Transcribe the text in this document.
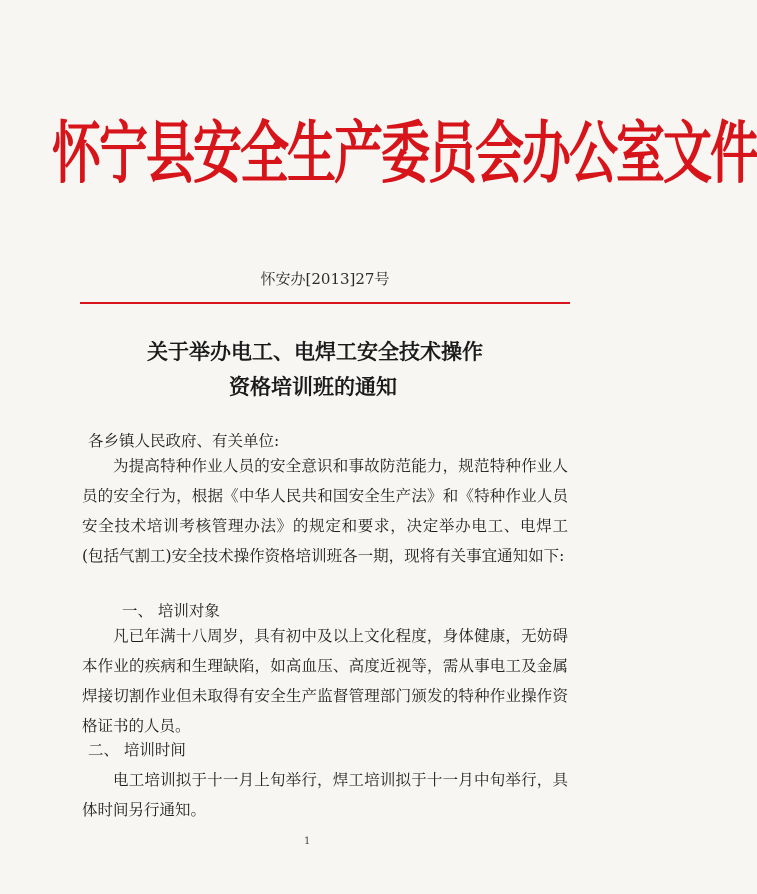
怀宁县安全生产委员会办公室文件
怀安办[2013]27号
关于举办电工、电焊工安全技术操作
资格培训班的通知
各乡镇人民政府、有关单位:
为提高特种作业人员的安全意识和事故防范能力，规范特种作业人员的安全行为，根据《中华人民共和国安全生产法》和《特种作业人员安全技术培训考核管理办法》的规定和要求，决定举办电工、电焊工(包括气割工)安全技术操作资格培训班各一期，现将有关事宜通知如下:
一、 培训对象
凡已年满十八周岁，具有初中及以上文化程度，身体健康，无妨碍本作业的疾病和生理缺陷，如高血压、高度近视等，需从事电工及金属焊接切割作业但未取得有安全生产监督管理部门颁发的特种作业操作资格证书的人员。
二、 培训时间
电工培训拟于十一月上旬举行，焊工培训拟于十一月中旬举行，具体时间另行通知。
1
